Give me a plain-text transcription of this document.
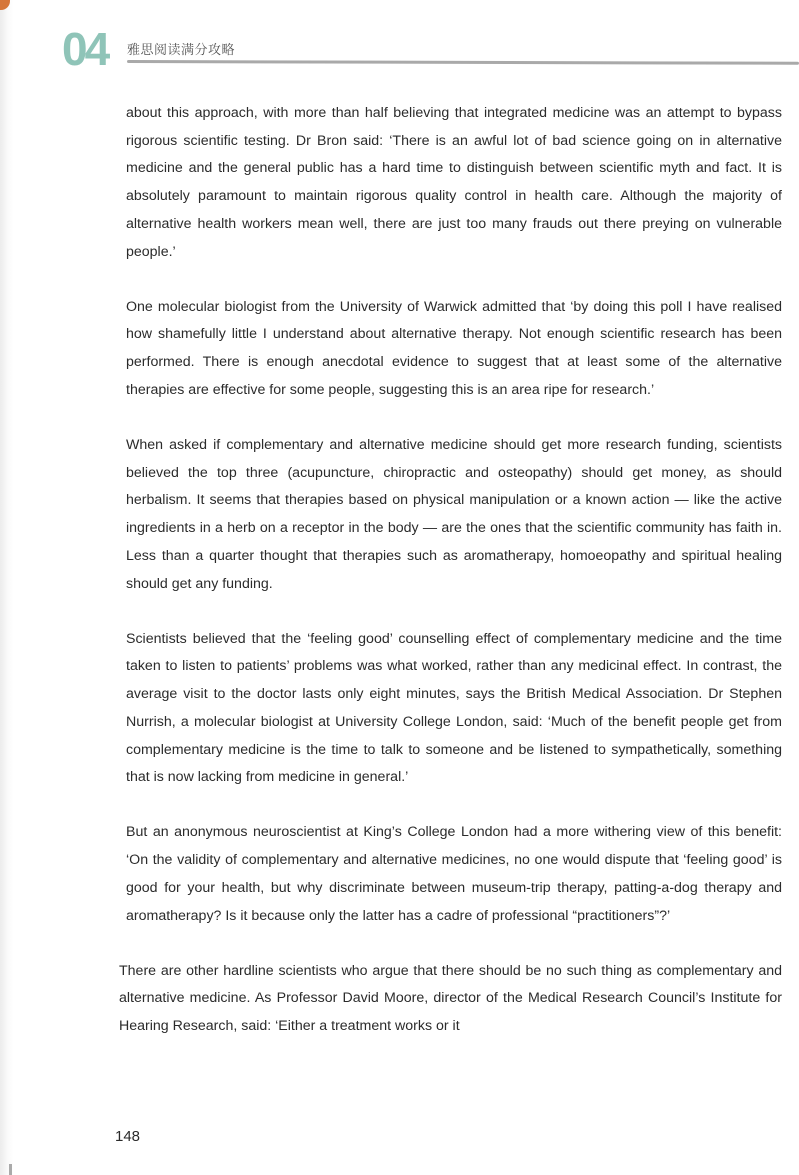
04 雅思阅读满分攻略

about this approach, with more than half believing that integrated medicine was an attempt to bypass rigorous scientific testing. Dr Bron said: ‘There is an awful lot of bad science going on in alternative medicine and the general public has a hard time to distinguish between scientific myth and fact. It is absolutely paramount to maintain rigorous quality control in health care. Although the majority of alternative health workers mean well, there are just too many frauds out there preying on vulnerable people.’

One molecular biologist from the University of Warwick admitted that ‘by doing this poll I have realised how shamefully little I understand about alternative therapy. Not enough scientific research has been performed. There is enough anecdotal evidence to suggest that at least some of the alternative therapies are effective for some people, suggesting this is an area ripe for research.’

When asked if complementary and alternative medicine should get more research funding, scientists believed the top three (acupuncture, chiropractic and osteopathy) should get money, as should herbalism. It seems that therapies based on physical manipulation or a known action — like the active ingredients in a herb on a receptor in the body — are the ones that the scientific community has faith in. Less than a quarter thought that therapies such as aromatherapy, homoeopathy and spiritual healing should get any funding.

Scientists believed that the ‘feeling good’ counselling effect of complementary medicine and the time taken to listen to patients’ problems was what worked, rather than any medicinal effect. In contrast, the average visit to the doctor lasts only eight minutes, says the British Medical Association. Dr Stephen Nurrish, a molecular biologist at University College London, said: ‘Much of the benefit people get from complementary medicine is the time to talk to someone and be listened to sympathetically, something that is now lacking from medicine in general.’

But an anonymous neuroscientist at King’s College London had a more withering view of this benefit: ‘On the validity of complementary and alternative medicines, no one would dispute that ‘feeling good’ is good for your health, but why discriminate between museum-trip therapy, patting-a-dog therapy and aromatherapy? Is it because only the latter has a cadre of professional “practitioners”?’

There are other hardline scientists who argue that there should be no such thing as complementary and alternative medicine. As Professor David Moore, director of the Medical Research Council’s Institute for Hearing Research, said: ‘Either a treatment works or it

148
